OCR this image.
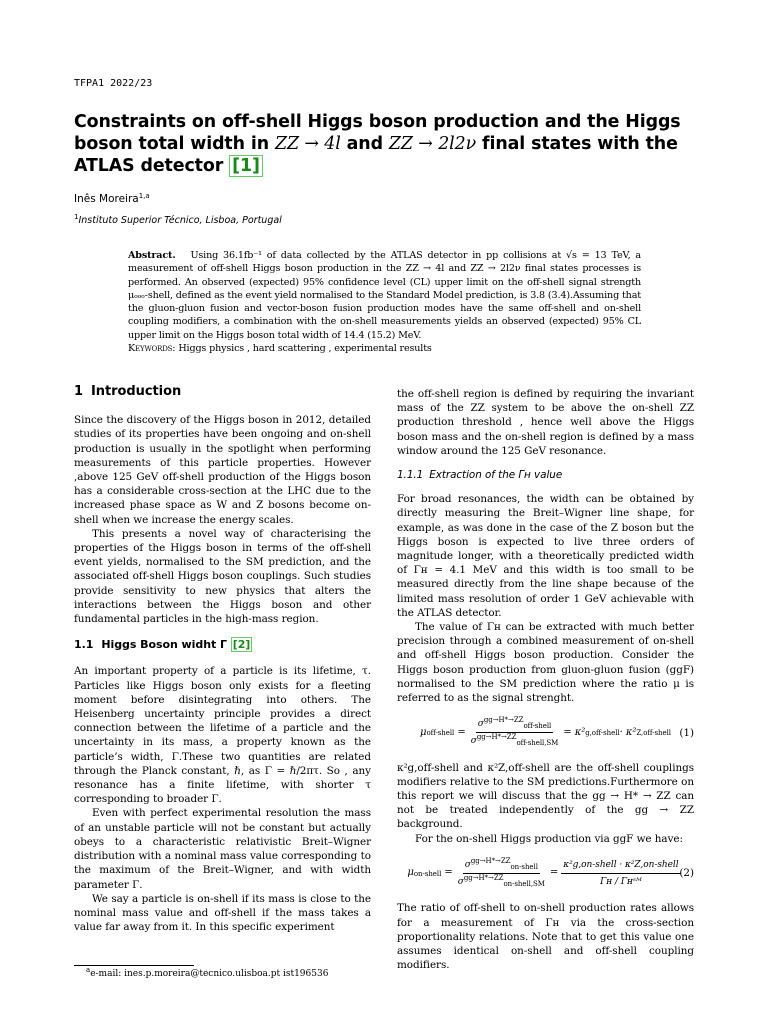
TFPA1 2022/23
Constraints on off-shell Higgs boson production and the Higgs boson total width in ZZ → 4l and ZZ → 2l2ν final states with the ATLAS detector [1]
Inês Moreira$^{1,a}$
$^1$Instituto Superior Técnico, Lisboa, Portugal
Abstract. Using 36.1fb⁻¹ of data collected by the ATLAS detector in pp collisions at √s = 13 TeV, a measurement of off-shell Higgs boson production in the ZZ → 4l and ZZ → 2l2ν final states processes is performed. An observed (expected) 95% confidence level (CL) upper limit on the off-shell signal strength μₒₒₒ-shell, defined as the event yield normalised to the Standard Model prediction, is 3.8 (3.4).Assuming that the gluon-gluon fusion and vector-boson fusion production modes have the same off-shell and on-shell coupling modifiers, a combination with the on-shell measurements yields an observed (expected) 95% CL upper limit on the Higgs boson total width of 14.4 (15.2) MeV.
Keywords: Higgs physics , hard scattering , experimental results
1 Introduction

Since the discovery of the Higgs boson in 2012, detailed studies of its properties have been ongoing and on-shell production is usually in the spotlight when performing measurements of this particle properties. However ,above 125 GeV off-shell production of the Higgs boson has a considerable cross-section at the LHC due to the increased phase space as W and Z bosons become on-shell when we increase the energy scales.

This presents a novel way of characterising the properties of the Higgs boson in terms of the off-shell event yields, normalised to the SM prediction, and the associated off-shell Higgs boson couplings. Such studies provide sensitivity to new physics that alters the interactions between the Higgs boson and other fundamental particles in the high-mass region.

1.1 Higgs Boson widht Γ [2]

An important property of a particle is its lifetime, τ. Particles like Higgs boson only exists for a fleeting moment before disintegrating into others. The Heisenberg uncertainty principle provides a direct connection between the lifetime of a particle and the uncertainty in its mass, a property known as the particle’s width, Γ.These two quantities are related through the Planck constant, ℏ, as Γ = ℏ/2πτ. So , any resonance has a finite lifetime, with shorter τ corresponding to broader Γ.

Even with perfect experimental resolution the mass of an unstable particle will not be constant but actually obeys to a characteristic relativistic Breit–Wigner distribution with a nominal mass value corresponding to the maximum of the Breit–Wigner, and with width parameter Γ.

We say a particle is on-shell if its mass is close to the nominal mass value and off-shell if the mass takes a value far away from it. In this specific experiment

the off-shell region is defined by requiring the invariant mass of the ZZ system to be above the on-shell ZZ production threshold , hence well above the Higgs boson mass and the on-shell region is defined by a mass window around the 125 GeV resonance.

1.1.1 Extraction of the Γʜ value

For broad resonances, the width can be obtained by directly measuring the Breit–Wigner line shape, for example, as was done in the case of the Z boson but the Higgs boson is expected to live three orders of magnitude longer, with a theoretically predicted width of Γʜ = 4.1 MeV and this width is too small to be measured directly from the line shape because of the limited mass resolution of order 1 GeV achievable with the ATLAS detector.

The value of Γʜ can be extracted with much better precision through a combined measurement of on-shell and off-shell Higgs boson production. Consider the Higgs boson production from gluon-gluon fusion (ggF) normalised to the SM prediction where the ratio μ is referred to as the signal strenght.

μ off-shell = $\frac{\sigma^{gg\to H*\to ZZ}_{off-shell}}{\sigma^{gg\to H*\to ZZ}_{off-shell,SM}} = \kappa^2$ g,off-shell · κ² Z,off-shell (1)

κ²g,off-shell and κ²Z,off-shell are the off-shell couplings modifiers relative to the SM predictions.Furthermore on this report we will discuss that the gg → H* → ZZ can not be treated independently of the gg → ZZ background.

For the on-shell Higgs production via ggF we have:

μ on-shell = $\frac{\sigma^{gg\to H*\to ZZ}_{on-shell}}{\sigma^{gg\to H*\to ZZ}_{on-shell,SM}} = \frac{\text{κ²g,on-shell · κ²Z,on-shell}}{\text{Γʜ / Γʜˢᴹ}}$
(2)

The ratio of off-shell to on-shell production rates allows for a measurement of Γʜ via the cross-section proportionality relations. Note that to get this value one assumes identical on-shell and off-shell coupling modifiers.

$^a$e-mail: ines.p.moreira@tecnico.ulisboa.pt ist196536
